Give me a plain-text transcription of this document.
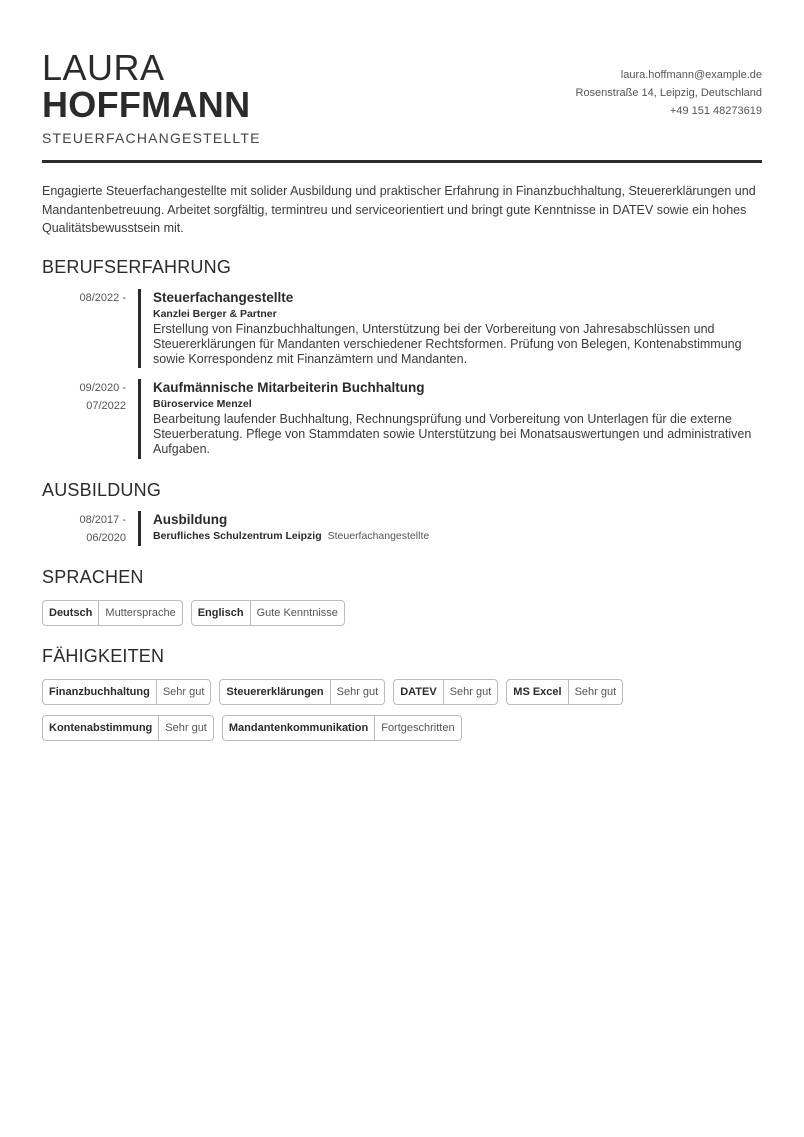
LAURA
HOFFMANN
STEUERFACHANGESTELLTE
laura.hoffmann@example.de
Rosenstraße 14, Leipzig, Deutschland
+49 151 48273619
Engagierte Steuerfachangestellte mit solider Ausbildung und praktischer Erfahrung in Finanzbuchhaltung, Steuererklärungen und Mandantenbetreuung. Arbeitet sorgfältig, termintreu und serviceorientiert und bringt gute Kenntnisse in DATEV sowie ein hohes Qualitätsbewusstsein mit.
BERUFSERFAHRUNG
08/2022 - Steuerfachangestellte
Kanzlei Berger & Partner
Erstellung von Finanzbuchhaltungen, Unterstützung bei der Vorbereitung von Jahresabschlüssen und Steuererklärungen für Mandanten verschiedener Rechtsformen. Prüfung von Belegen, Kontenabstimmung sowie Korrespondenz mit Finanzämtern und Mandanten.
09/2020 -
07/2022
Kaufmännische Mitarbeiterin Buchhaltung
Büroservice Menzel
Bearbeitung laufender Buchhaltung, Rechnungsprüfung und Vorbereitung von Unterlagen für die externe Steuerberatung. Pflege von Stammdaten sowie Unterstützung bei Monatsauswertungen und administrativen Aufgaben.
AUSBILDUNG
08/2017 -
06/2020
Ausbildung
Berufliches Schulzentrum Leipzig Steuerfachangestellte
SPRACHEN
Deutsch	Muttersprache	Englisch	Gute Kenntnisse
FÄHIGKEITEN
Finanzbuchhaltung	Sehr gut	Steuererklärungen	Sehr gut	DATEV	Sehr gut	MS Excel	Sehr gut
Kontenabstimmung	Sehr gut	Mandantenkommunikation	Fortgeschritten
